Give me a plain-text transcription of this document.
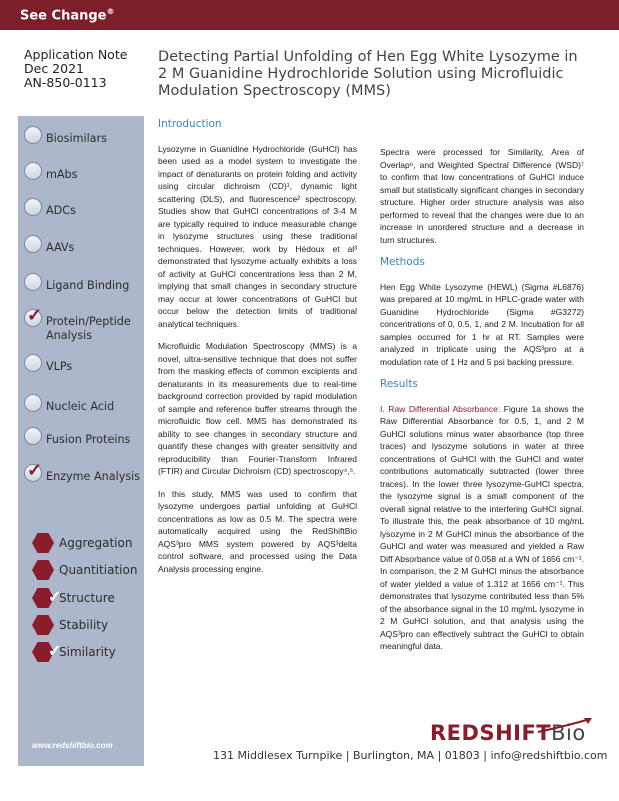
See Change®
Application Note
Dec 2021
AN-850-0113
Detecting Partial Unfolding of Hen Egg White Lysozyme in 2 M Guanidine Hydrochloride Solution using Microfluidic Modulation Spectroscopy (MMS)
Biosimilars
mAbs
ADCs
AAVs
Ligand Binding
✓ Protein/Peptide Analysis
VLPs
Nucleic Acid
Fusion Proteins
✓ Enzyme Analysis
Aggregation
Quantitiation
✓
Structure
Stability
✓
Similarity
www.redshiftbio.com
Introduction

Lysozyme in Guanidine Hydrochloride (GuHCl) has been used as a model system to investigate the impact of denaturants on protein folding and activity using circular dichroism (CD)¹, dynamic light scattering (DLS), and fluorescence² spectroscopy. Studies show that GuHCl concentrations of 3-4 M are typically required to induce measurable change in lysozyme structures using these traditional techniques. However, work by Hédoux et al³ demonstrated that lysozyme actually exhibits a loss of activity at GuHCl concentrations less than 2 M, implying that small changes in secondary structure may occur at lower concentrations of GuHCl but occur below the detection limits of traditional analytical techniques.

Microfluidic Modulation Spectroscopy (MMS) is a novel, ultra-sensitive technique that does not suffer from the masking effects of common excipients and denaturants in its measurements due to real-time background correction provided by rapid modulation of sample and reference buffer streams through the microfluidic flow cell. MMS has demonstrated its ability to see changes in secondary structure and quantify these changes with greater sensitivity and reproducibility than Fourier-Transform Infrared (FTIR) and Circular Dichroism (CD) spectroscopy⁴,⁵.

In this study, MMS was used to confirm that lysozyme undergoes partial unfolding at GuHCl concentrations as low as 0.5 M. The spectra were automatically acquired using the RedShiftBio AQS³pro MMS system powered by AQS³delta control software, and processed using the Data Analysis processing engine.

Spectra were processed for Similarity, Area of Overlap⁶, and Weighted Spectral Difference (WSD)⁷ to confirm that low concentrations of GuHCl induce small but statistically significant changes in secondary structure. Higher order structure analysis was also performed to reveal that the changes were due to an increase in unordered structure and a decrease in turn structures.

Methods

Hen Egg White Lysozyme (HEWL) (Sigma #L6876) was prepared at 10 mg/mL in HPLC-grade water with Guanidine Hydrochloride (Sigma #G3272) concentrations of 0, 0.5, 1, and 2 M. Incubation for all samples occurred for 1 hr at RT. Samples were analyzed in triplicate using the AQS³pro at a modulation rate of 1 Hz and 5 psi backing pressure.

Results

I. Raw Differential Absorbance: Figure 1a shows the Raw Differential Absorbance for 0.5, 1, and 2 M GuHCl solutions minus water absorbance (top three traces) and lysozyme solutions in water at three concentrations of GuHCl with the GuHCl and water contributions automatically subtracted (lower three traces). In the lower three lysozyme-GuHCl spectra, the lysozyme signal is a small component of the overall signal relative to the interfering GuHCl signal. To illustrate this, the peak absorbance of 10 mg/mL lysozyme in 2 M GuHCl minus the absorbance of the GuHCl and water was measured and yielded a Raw Diff Absorbance value of 0.058 at a WN of 1656 cm⁻¹. In comparison, the 2 M GuHCl minus the absorbance of water yielded a value of 1.312 at 1656 cm⁻¹. This demonstrates that lysozyme contributed less than 5% of the absorbance signal in the 10 mg/mL lysozyme in 2 M GuHCl solution, and that analysis using the AQS³pro can effectively subtract the GuHCl to obtain meaningful data.

REDSHIFTBio
131 Middlesex Turnpike | Burlington, MA | 01803 | info@redshiftbio.com
